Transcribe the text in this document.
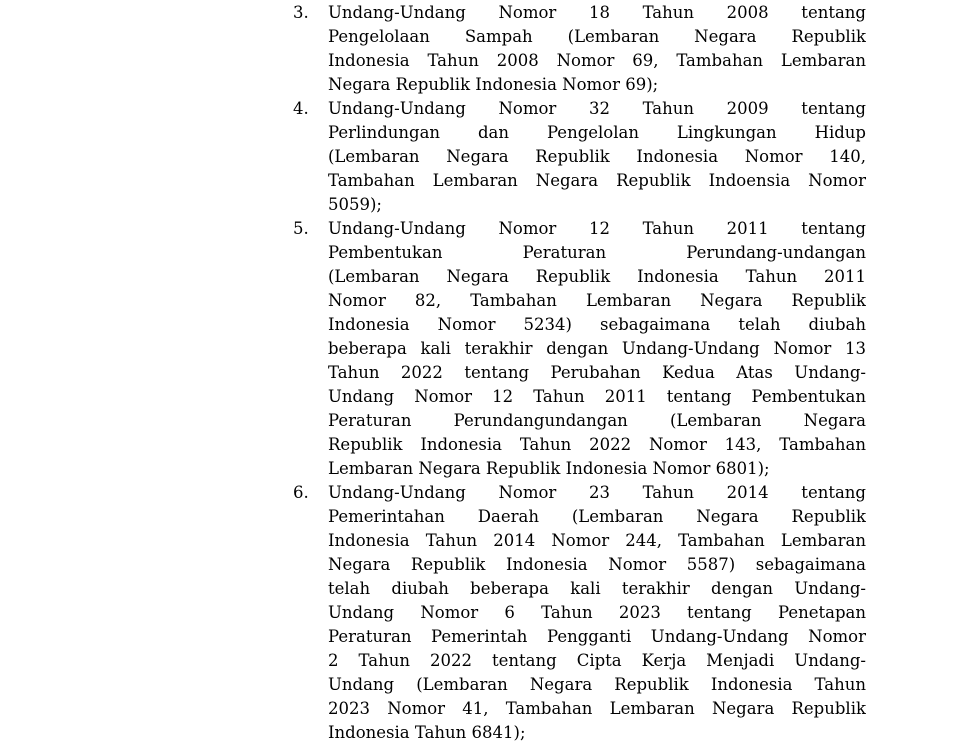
3. Undang-Undang Nomor 18 Tahun 2008 tentang
Pengelolaan Sampah (Lembaran Negara Republik
Indonesia Tahun 2008 Nomor 69, Tambahan Lembaran
Negara Republik Indonesia Nomor 69);
4. Undang-Undang Nomor 32 Tahun 2009 tentang
Perlindungan dan Pengelolan Lingkungan Hidup
(Lembaran Negara Republik Indonesia Nomor 140,
Tambahan Lembaran Negara Republik Indoensia Nomor
5059);
5. Undang-Undang Nomor 12 Tahun 2011 tentang
Pembentukan Peraturan Perundang-undangan
(Lembaran Negara Republik Indonesia Tahun 2011
Nomor 82, Tambahan Lembaran Negara Republik
Indonesia Nomor 5234) sebagaimana telah diubah
beberapa kali terakhir dengan Undang-Undang Nomor 13
Tahun 2022 tentang Perubahan Kedua Atas Undang-
Undang Nomor 12 Tahun 2011 tentang Pembentukan
Peraturan Perundangundangan (Lembaran Negara
Republik Indonesia Tahun 2022 Nomor 143, Tambahan
Lembaran Negara Republik Indonesia Nomor 6801);
6. Undang-Undang Nomor 23 Tahun 2014 tentang
Pemerintahan Daerah (Lembaran Negara Republik
Indonesia Tahun 2014 Nomor 244, Tambahan Lembaran
Negara Republik Indonesia Nomor 5587) sebagaimana
telah diubah beberapa kali terakhir dengan Undang-
Undang Nomor 6 Tahun 2023 tentang Penetapan
Peraturan Pemerintah Pengganti Undang-Undang Nomor
2 Tahun 2022 tentang Cipta Kerja Menjadi Undang-
Undang (Lembaran Negara Republik Indonesia Tahun
2023 Nomor 41, Tambahan Lembaran Negara Republik
Indonesia Tahun 6841);
